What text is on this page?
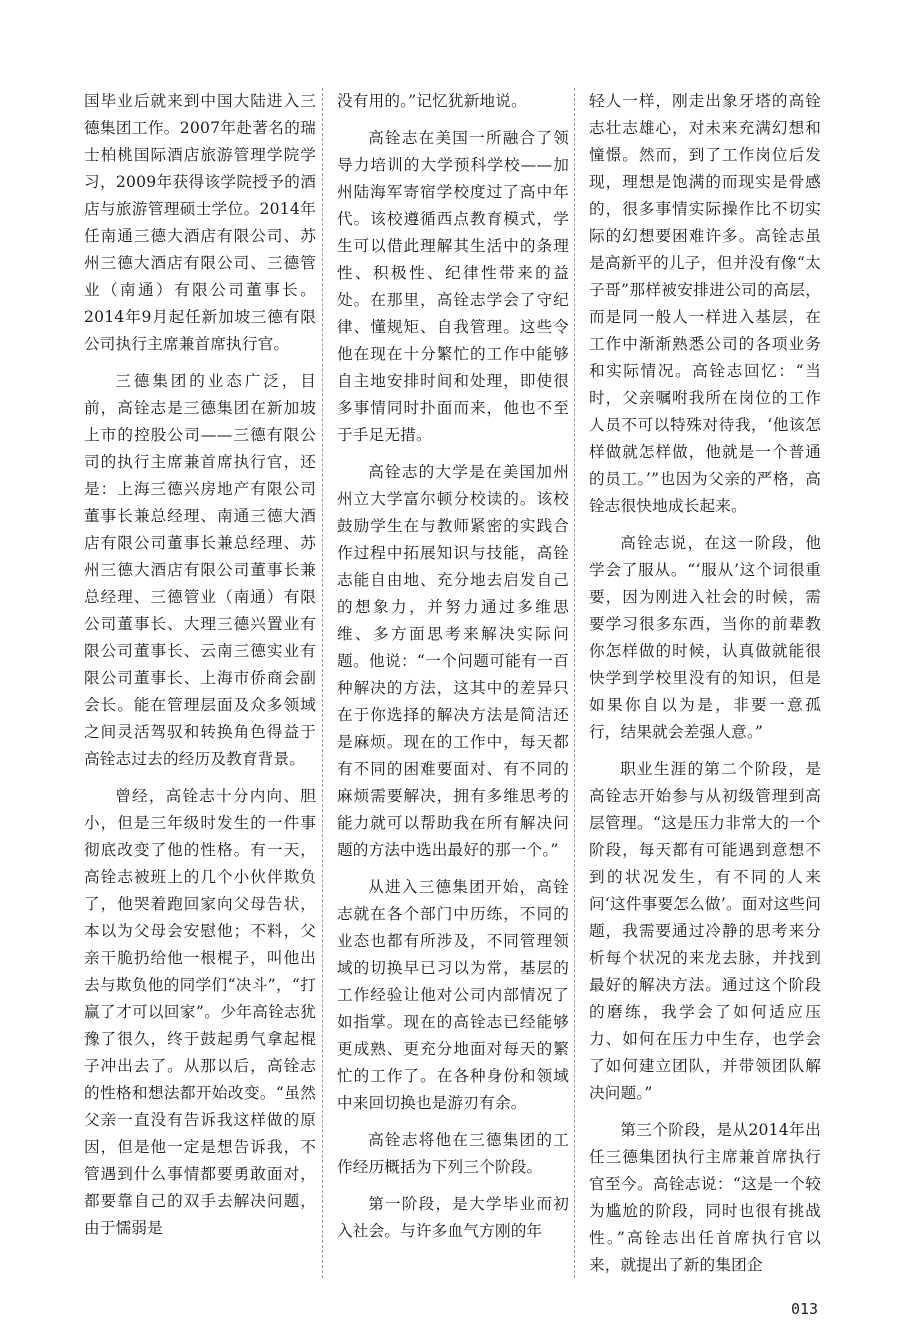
国毕业后就来到中国大陆进入三德集团工作。2007年赴著名的瑞士柏桃国际酒店旅游管理学院学习，2009年获得该学院授予的酒店与旅游管理硕士学位。2014年任南通三德大酒店有限公司、苏州三德大酒店有限公司、三德管业（南通）有限公司董事长。2014年9月起任新加坡三德有限公司执行主席兼首席执行官。

三德集团的业态广泛，目前，高铨志是三德集团在新加坡上市的控股公司——三德有限公司的执行主席兼首席执行官，还是：上海三德兴房地产有限公司董事长兼总经理、南通三德大酒店有限公司董事长兼总经理、苏州三德大酒店有限公司董事长兼总经理、三德管业（南通）有限公司董事长、大理三德兴置业有限公司董事长、云南三德实业有限公司董事长、上海市侨商会副会长。能在管理层面及众多领域之间灵活驾驭和转换角色得益于高铨志过去的经历及教育背景。

曾经，高铨志十分内向、胆小，但是三年级时发生的一件事彻底改变了他的性格。有一天，高铨志被班上的几个小伙伴欺负了，他哭着跑回家向父母告状，本以为父母会安慰他；不料，父亲干脆扔给他一根棍子，叫他出去与欺负他的同学们“决斗”，“打赢了才可以回家”。少年高铨志犹豫了很久，终于鼓起勇气拿起棍子冲出去了。从那以后，高铨志的性格和想法都开始改变。“虽然父亲一直没有告诉我这样做的原因，但是他一定是想告诉我，不管遇到什么事情都要勇敢面对，都要靠自己的双手去解决问题，由于懦弱是

没有用的。”记忆犹新地说。

高铨志在美国一所融合了领导力培训的大学预科学校——加州陆海军寄宿学校度过了高中年代。该校遵循西点教育模式，学生可以借此理解其生活中的条理性、积极性、纪律性带来的益处。在那里，高铨志学会了守纪律、懂规矩、自我管理。这些令他在现在十分繁忙的工作中能够自主地安排时间和处理，即使很多事情同时扑面而来，他也不至于手足无措。

高铨志的大学是在美国加州州立大学富尔顿分校读的。该校鼓励学生在与教师紧密的实践合作过程中拓展知识与技能，高铨志能自由地、充分地去启发自己的想象力，并努力通过多维思维、多方面思考来解决实际问题。他说：“一个问题可能有一百种解决的方法，这其中的差异只在于你选择的解决方法是简洁还是麻烦。现在的工作中，每天都有不同的困难要面对、有不同的麻烦需要解决，拥有多维思考的能力就可以帮助我在所有解决问题的方法中选出最好的那一个。”

从进入三德集团开始，高铨志就在各个部门中历练，不同的业态也都有所涉及，不同管理领域的切换早已习以为常，基层的工作经验让他对公司内部情况了如指掌。现在的高铨志已经能够更成熟、更充分地面对每天的繁忙的工作了。在各种身份和领域中来回切换也是游刃有余。

高铨志将他在三德集团的工作经历概括为下列三个阶段。

第一阶段，是大学毕业而初入社会。与许多血气方刚的年

轻人一样，刚走出象牙塔的高铨志壮志雄心，对未来充满幻想和憧憬。然而，到了工作岗位后发现，理想是饱满的而现实是骨感的，很多事情实际操作比不切实际的幻想要困难许多。高铨志虽是高新平的儿子，但并没有像“太子哥”那样被安排进公司的高层，而是同一般人一样进入基层，在工作中渐渐熟悉公司的各项业务和实际情况。高铨志回忆：“当时，父亲嘱咐我所在岗位的工作人员不可以特殊对待我，‘他该怎样做就怎样做，他就是一个普通的员工。’”也因为父亲的严格，高铨志很快地成长起来。

高铨志说，在这一阶段，他学会了服从。“‘服从’这个词很重要，因为刚进入社会的时候，需要学习很多东西，当你的前辈教你怎样做的时候，认真做就能很快学到学校里没有的知识，但是如果你自以为是，非要一意孤行，结果就会差强人意。”

职业生涯的第二个阶段，是高铨志开始参与从初级管理到高层管理。“这是压力非常大的一个阶段，每天都有可能遇到意想不到的状况发生，有不同的人来问‘这件事要怎么做’。面对这些问题，我需要通过冷静的思考来分析每个状况的来龙去脉，并找到最好的解决方法。通过这个阶段的磨练，我学会了如何适应压力、如何在压力中生存，也学会了如何建立团队，并带领团队解决问题。”

第三个阶段，是从2014年出任三德集团执行主席兼首席执行官至今。高铨志说：“这是一个较为尴尬的阶段，同时也很有挑战性。”高铨志出任首席执行官以来，就提出了新的集团企

013
